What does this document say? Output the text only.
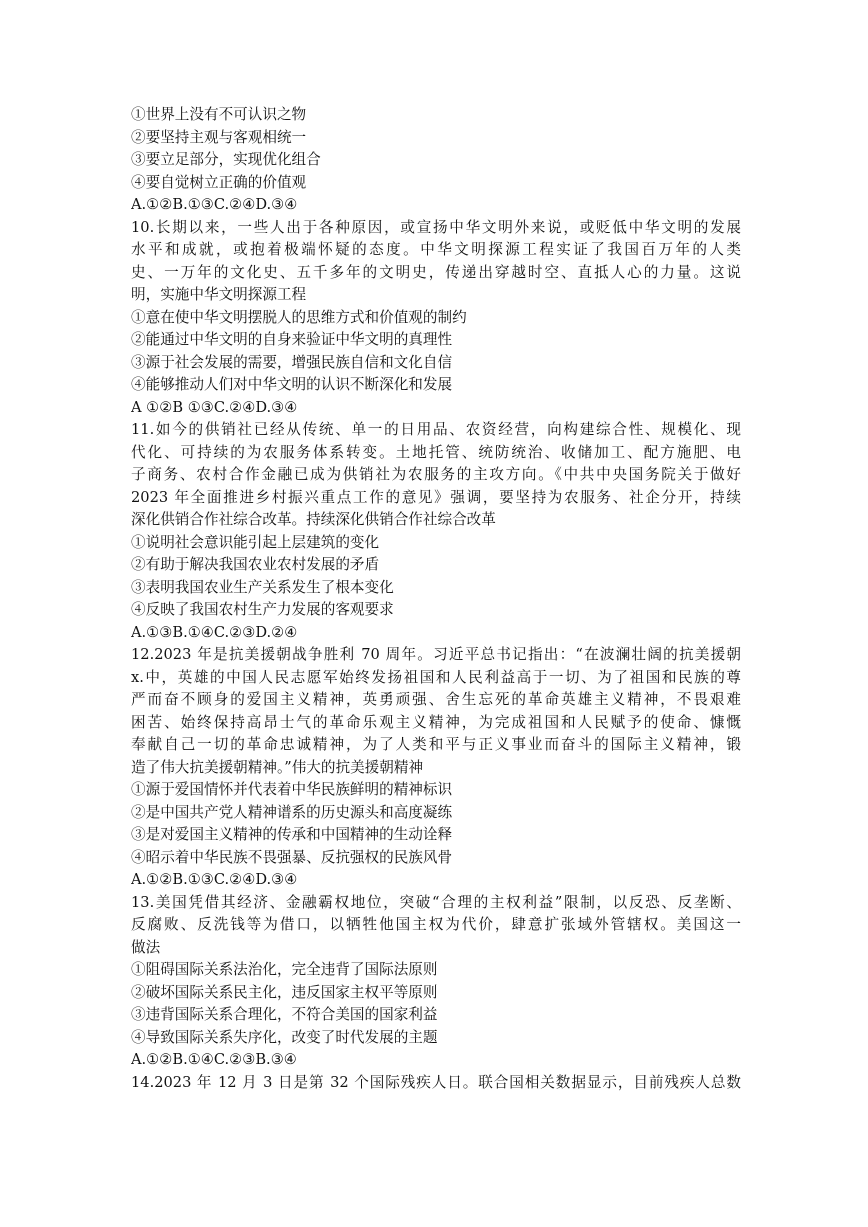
①世界上没有不可认识之物
②要坚持主观与客观相统一
③要立足部分，实现优化组合
④要自觉树立正确的价值观
A.①②B.①③C.②④D.③④
10.长期以来，一些人出于各种原因，或宣扬中华文明外来说，或贬低中华文明的发展
水平和成就，或抱着极端怀疑的态度。中华文明探源工程实证了我国百万年的人类
史、一万年的文化史、五千多年的文明史，传递出穿越时空、直抵人心的力量。这说
明，实施中华文明探源工程
①意在使中华文明摆脱人的思维方式和价值观的制约
②能通过中华文明的自身来验证中华文明的真理性
③源于社会发展的需要，增强民族自信和文化自信
④能够推动人们对中华文明的认识不断深化和发展
A ①②B ①③C.②④D.③④
11.如今的供销社已经从传统、单一的日用品、农资经营，向构建综合性、规模化、现
代化、可持续的为农服务体系转变。土地托管、统防统治、收储加工、配方施肥、电
子商务、农村合作金融已成为供销社为农服务的主攻方向。《中共中央国务院关于做好
2023 年全面推进乡村振兴重点工作的意见》强调，要坚持为农服务、社企分开，持续
深化供销合作社综合改革。持续深化供销合作社综合改革
①说明社会意识能引起上层建筑的变化
②有助于解决我国农业农村发展的矛盾
③表明我国农业生产关系发生了根本变化
④反映了我国农村生产力发展的客观要求
A.①③B.①④C.②③D.②④
12.2023 年是抗美援朝战争胜利 70 周年。习近平总书记指出：“在波澜壮阔的抗美援朝
x.中，英雄的中国人民志愿军始终发扬祖国和人民利益高于一切、为了祖国和民族的尊
严而奋不顾身的爱国主义精神，英勇顽强、舍生忘死的革命英雄主义精神，不畏艰难
困苦、始终保持高昂士气的革命乐观主义精神，为完成祖国和人民赋予的使命、慷慨
奉献自己一切的革命忠诚精神，为了人类和平与正义事业而奋斗的国际主义精神，锻
造了伟大抗美援朝精神。”伟大的抗美援朝精神
①源于爱国情怀并代表着中华民族鲜明的精神标识
②是中国共产党人精神谱系的历史源头和高度凝练
③是对爱国主义精神的传承和中国精神的生动诠释
④昭示着中华民族不畏强暴、反抗强权的民族风骨
A.①②B.①③C.②④D.③④
13.美国凭借其经济、金融霸权地位，突破“合理的主权利益”限制，以反恐、反垄断、
反腐败、反洗钱等为借口，以牺牲他国主权为代价，肆意扩张域外管辖权。美国这一
做法
①阻碍国际关系法治化，完全违背了国际法原则
②破坏国际关系民主化，违反国家主权平等原则
③违背国际关系合理化，不符合美国的国家利益
④导致国际关系失序化，改变了时代发展的主题
A.①②B.①④C.②③B.③④
14.2023 年 12 月 3 日是第 32 个国际残疾人日。联合国相关数据显示，目前残疾人总数
